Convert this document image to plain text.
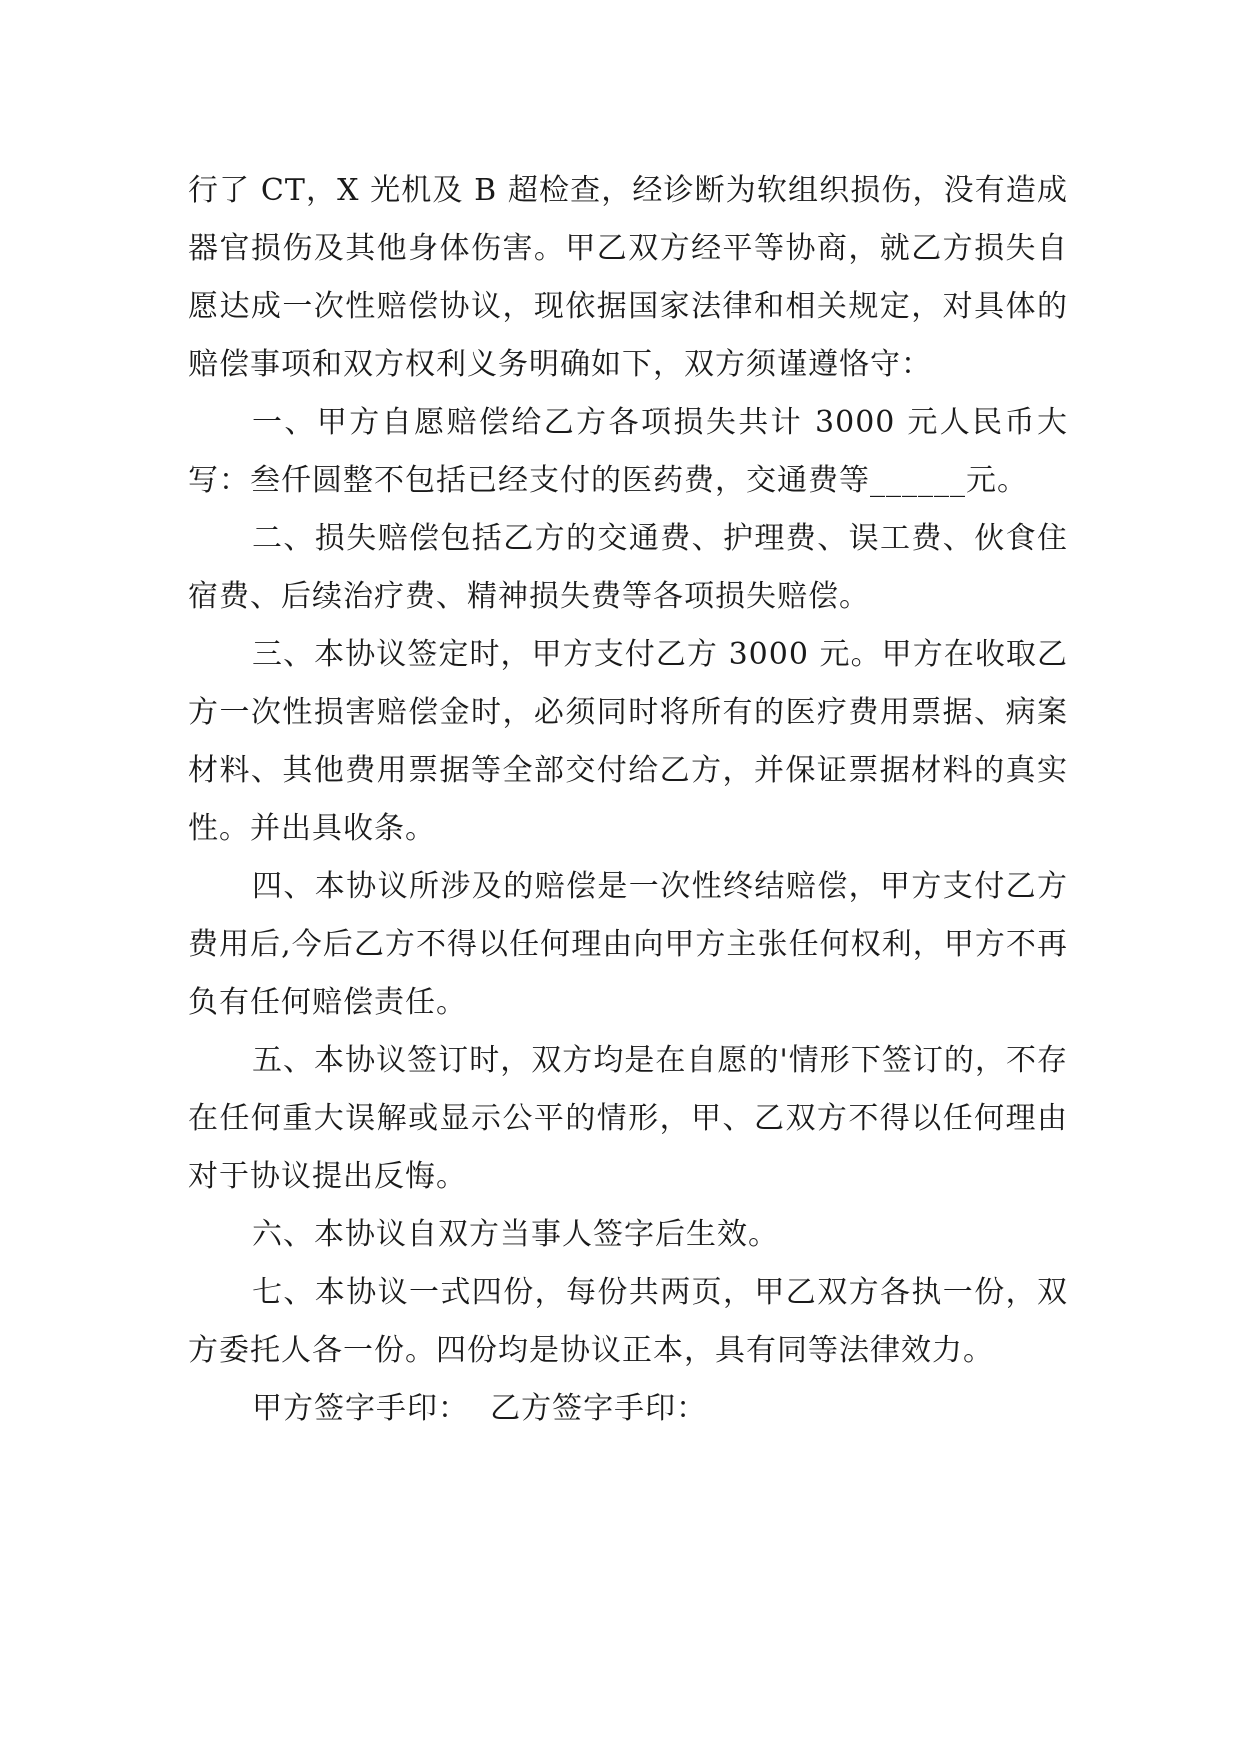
行了 CT，X 光机及 B 超检查，经诊断为软组织损伤，没有造成器官损伤及其他身体伤害。甲乙双方经平等协商，就乙方损失自愿达成一次性赔偿协议，现依据国家法律和相关规定，对具体的赔偿事项和双方权利义务明确如下，双方须谨遵恪守：

一、甲方自愿赔偿给乙方各项损失共计 3000 元人民币大写：叁仟圆整不包括已经支付的医药费，交通费等______元。

二、损失赔偿包括乙方的交通费、护理费、误工费、伙食住宿费、后续治疗费、精神损失费等各项损失赔偿。

三、本协议签定时，甲方支付乙方 3000 元。甲方在收取乙方一次性损害赔偿金时，必须同时将所有的医疗费用票据、病案材料、其他费用票据等全部交付给乙方，并保证票据材料的真实性。并出具收条。

四、本协议所涉及的赔偿是一次性终结赔偿，甲方支付乙方费用后,今后乙方不得以任何理由向甲方主张任何权利，甲方不再负有任何赔偿责任。

五、本协议签订时，双方均是在自愿的'情形下签订的，不存在任何重大误解或显示公平的情形，甲、乙双方不得以任何理由对于协议提出反悔。

六、本协议自双方当事人签字后生效。

七、本协议一式四份，每份共两页，甲乙双方各执一份，双方委托人各一份。四份均是协议正本，具有同等法律效力。

甲方签字手印：  乙方签字手印：
